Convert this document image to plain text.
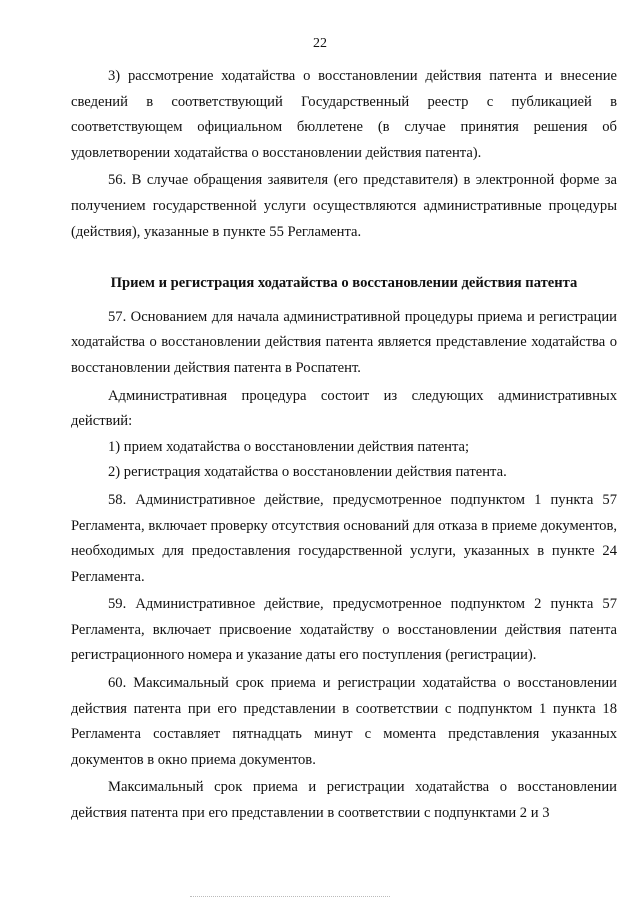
22

3) рассмотрение ходатайства о восстановлении действия патента и внесение сведений в соответствующий Государственный реестр с публикацией в соответствующем официальном бюллетене (в случае принятия решения об удовлетворении ходатайства о восстановлении действия патента).

56. В случае обращения заявителя (его представителя) в электронной форме за получением государственной услуги осуществляются административные процедуры (действия), указанные в пункте 55 Регламента.

Прием и регистрация ходатайства о восстановлении действия патента

57. Основанием для начала административной процедуры приема и регистрации ходатайства о восстановлении действия патента является представление ходатайства о восстановлении действия патента в Роспатент.

Административная процедура состоит из следующих административных действий:

1) прием ходатайства о восстановлении действия патента;

2) регистрация ходатайства о восстановлении действия патента.

58. Административное действие, предусмотренное подпунктом 1 пункта 57 Регламента, включает проверку отсутствия оснований для отказа в приеме документов, необходимых для предоставления государственной услуги, указанных в пункте 24 Регламента.

59. Административное действие, предусмотренное подпунктом 2 пункта 57 Регламента, включает присвоение ходатайству о восстановлении действия патента регистрационного номера и указание даты его поступления (регистрации).

60. Максимальный срок приема и регистрации ходатайства о восстановлении действия патента при его представлении в соответствии с подпунктом 1 пункта 18 Регламента составляет пятнадцать минут с момента представления указанных документов в окно приема документов.

Максимальный срок приема и регистрации ходатайства о восстановлении действия патента при его представлении в соответствии с подпунктами 2 и 3
